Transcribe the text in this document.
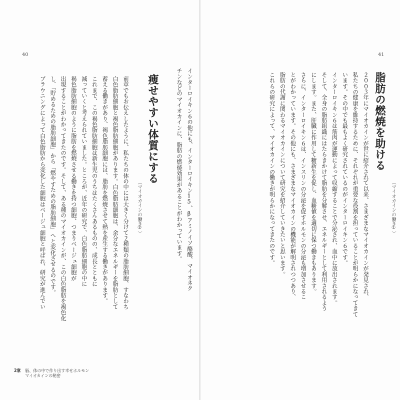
40
インターロイキン６の他にも、インターロイキン15、βアミノイソ酪酸、マイオネク
チンなどのマイオカインに、脂肪の燃焼効果があることがわかっています。
痩せやすい体質にする
（マイオカインの働き②）
前章でもお伝えしたように、私たちの体の中には大きく分けて２種類の脂肪細胞、すなわち
白色脂肪細胞と褐色脂肪細胞があります。白色脂肪細胞は、余分なエネルギーを脂肪として
蓄える働きがあり、褐色脂肪細胞には、脂肪を燃焼させて熱を産生する働きがあります。
これまで、この褐色脂肪細胞は新生児のうちはたくさんあるものの、成長とともに
減っていくと考えられていました。ところが、近年の研究で、白色脂肪細胞の中に
褐色脂肪細胞のように脂肪を燃焼させる働きを持つ細胞、つまりベージュ細胞が
出現することがわかってきたのです。そして、ある種のマイオカインが、この白色脂肪を褐色化
し、「貯めるための脂肪細胞」から「燃やすための脂肪細胞」へと変化させるのです。
ブラウニングによって白色脂肪から変化した細胞はベージュ細胞と呼ばれ、研究が進んでい
2章 脳、体の中で作り出す幸せホルモン
マイオカインの秘密
41
脂肪の燃焼を助ける
（マイオカインの働き①）
２００３年にマイオカインが世に紹介されて以来、さまざまなマイオカインが発見され、
私たちの健康を維持するために、それぞれが重要な役割を担っていることが明らかになってきて
います。その中でも最もよく研究されているのがインターロイキン６です。
インターロイキン６は筋肉が運動によって収縮することで分泌され、血中に放出されます。
そして、全身の脂肪組織にはたらきかけて脂肪を分解させ、エネルギーとして利用されるよう
にします。また、肝臓に作用して糖新生を促し、血糖値を適切に保つ働きもあります。
さらに、インターロイキン６は、インスリンの分泌を促すホルモンの分泌も増加させるこ
とがわかっています。その他にも、さまざまなマイオカインの機能が解明されつつあり、
脂肪の代謝に関わるマイオカインについて研究を紹介していきたいと思います。
これらの研究によって、マイオカインの働きが明らかになってきたのです。
